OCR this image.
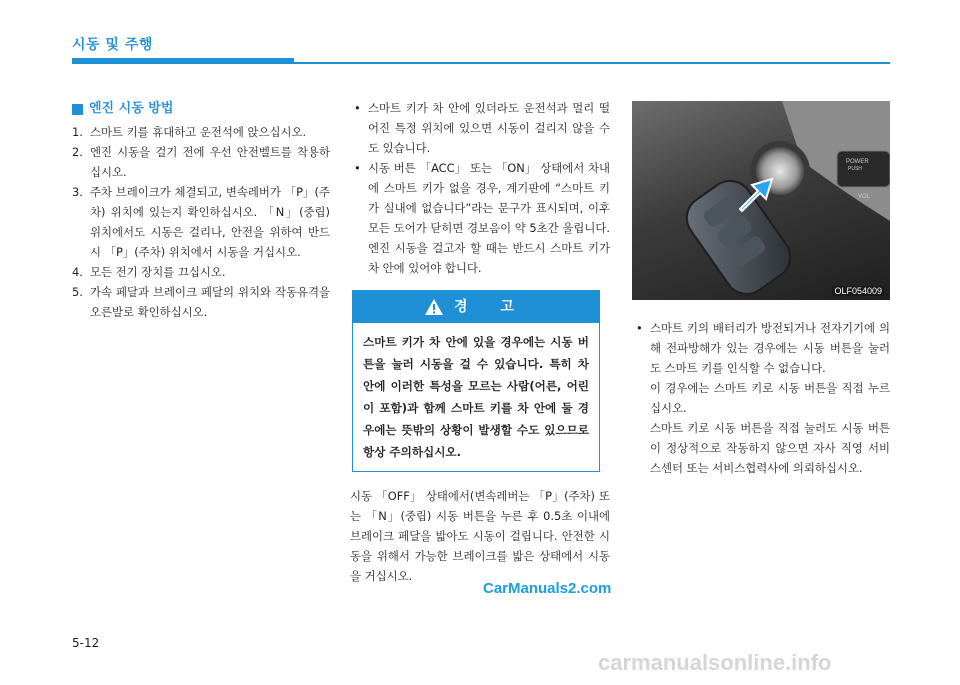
시동 및 주행
엔진 시동 방법
1. 스마트 키를 휴대하고 운전석에 앉으십시오.
2. 엔진 시동을 걸기 전에 우선 안전벨트를 착용하십시오.
3. 주차 브레이크가 체결되고, 변속레버가 「P」(주차) 위치에 있는지 확인하십시오. 「N」(중립) 위치에서도 시동은 걸리나, 안전을 위하여 반드시 「P」(주차) 위치에서 시동을 거십시오.
4. 모든 전기 장치를 끄십시오.
5. 가속 페달과 브레이크 페달의 위치와 작동유격을 오른발로 확인하십시오.
• 스마트 키가 차 안에 있더라도 운전석과 멀리 떨어진 특정 위치에 있으면 시동이 걸리지 않을 수도 있습니다.
• 시동 버튼 「ACC」 또는 「ON」 상태에서 차내에 스마트 키가 없을 경우, 계기판에 “스마트 키가 실내에 없습니다”라는 문구가 표시되며, 이후 모든 도어가 닫히면 경보음이 약 5초간 울립니다. 엔진 시동을 걸고자 할 때는 반드시 스마트 키가 차 안에 있어야 합니다.
경 고
스마트 키가 차 안에 있을 경우에는 시동 버튼을 눌러 시동을 걸 수 있습니다. 특히 차 안에 이러한 특성을 모르는 사람(어른, 어린이 포함)과 함께 스마트 키를 차 안에 둘 경우에는 뜻밖의 상황이 발생할 수도 있으므로 항상 주의하십시오.
시동 「OFF」 상태에서(변속레버는 「P」(주차) 또는 「N」(중립) 시동 버튼을 누른 후 0.5초 이내에 브레이크 페달을 밟아도 시동이 걸립니다. 안전한 시동을 위해서 가능한 브레이크를 밟은 상태에서 시동을 거십시오.
POWER
PUSH
VOL
OLF054009
• 스마트 키의 배터리가 방전되거나 전자기기에 의해 전파방해가 있는 경우에는 시동 버튼을 눌러도 스마트 키를 인식할 수 없습니다.
이 경우에는 스마트 키로 시동 버튼을 직접 누르십시오.
스마트 키로 시동 버튼을 직접 눌러도 시동 버튼이 정상적으로 작동하지 않으면 자사 직영 서비스센터 또는 서비스협력사에 의뢰하십시오.
CarManuals2.com
5-12
carmanualsonline.info
